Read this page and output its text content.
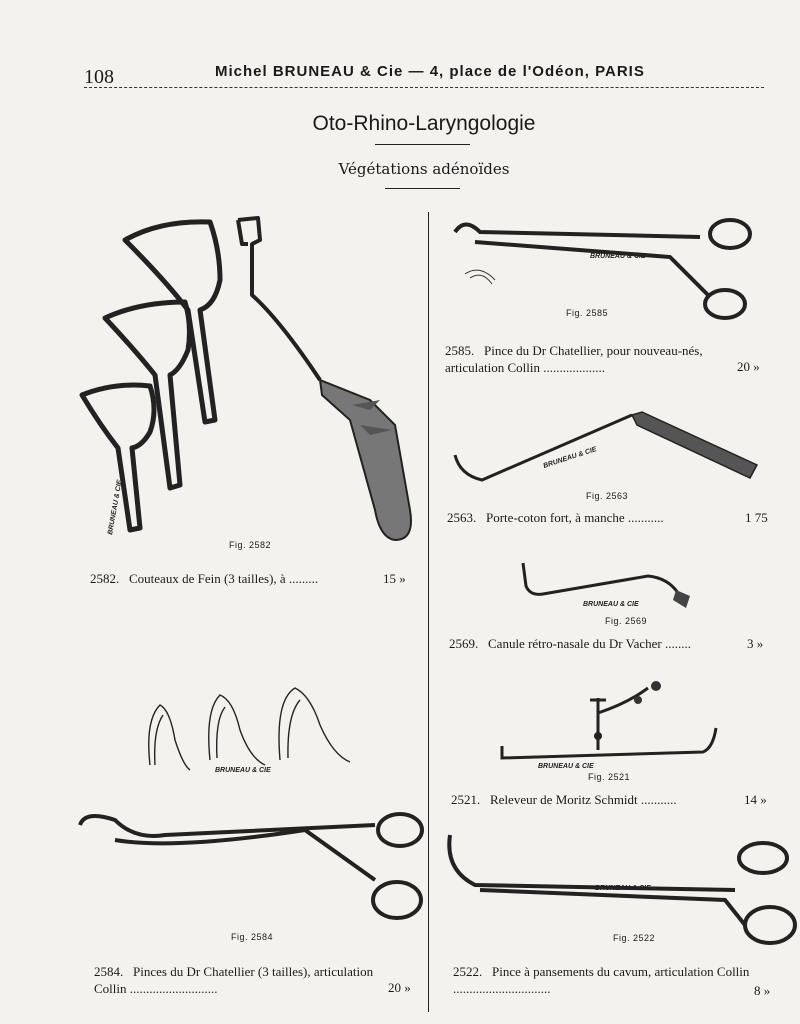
108	Michel BRUNEAU & Cie — 4, place de l'Odéon, PARIS
Oto-Rhino-Laryngologie
Végétations adénoïdes
BRUNEAU & CIE
Fig. 2582
2582. Couteaux de Fein (3 tailles), à .........	15 »
BRUNEAU & CIE
Fig. 2584
2584. Pinces du Dr Chatellier (3 tailles), articulation Collin ...........................	20 »
BRUNEAU & CIE
Fig. 2585
2585. Pince du Dr Chatellier, pour nouveau-nés, articulation Collin ...................	20 »
BRUNEAU & CIE
Fig. 2563
2563. Porte-coton fort, à manche ...........	1 75
BRUNEAU & CIE
Fig. 2569
2569. Canule rétro-nasale du Dr Vacher ........	3 »
BRUNEAU & CIE
Fig. 2521
2521. Releveur de Moritz Schmidt ...........	14 »
BRUNEAU & CIE
Fig. 2522
2522. Pince à pansements du cavum, articulation Collin ..............................	8 »
